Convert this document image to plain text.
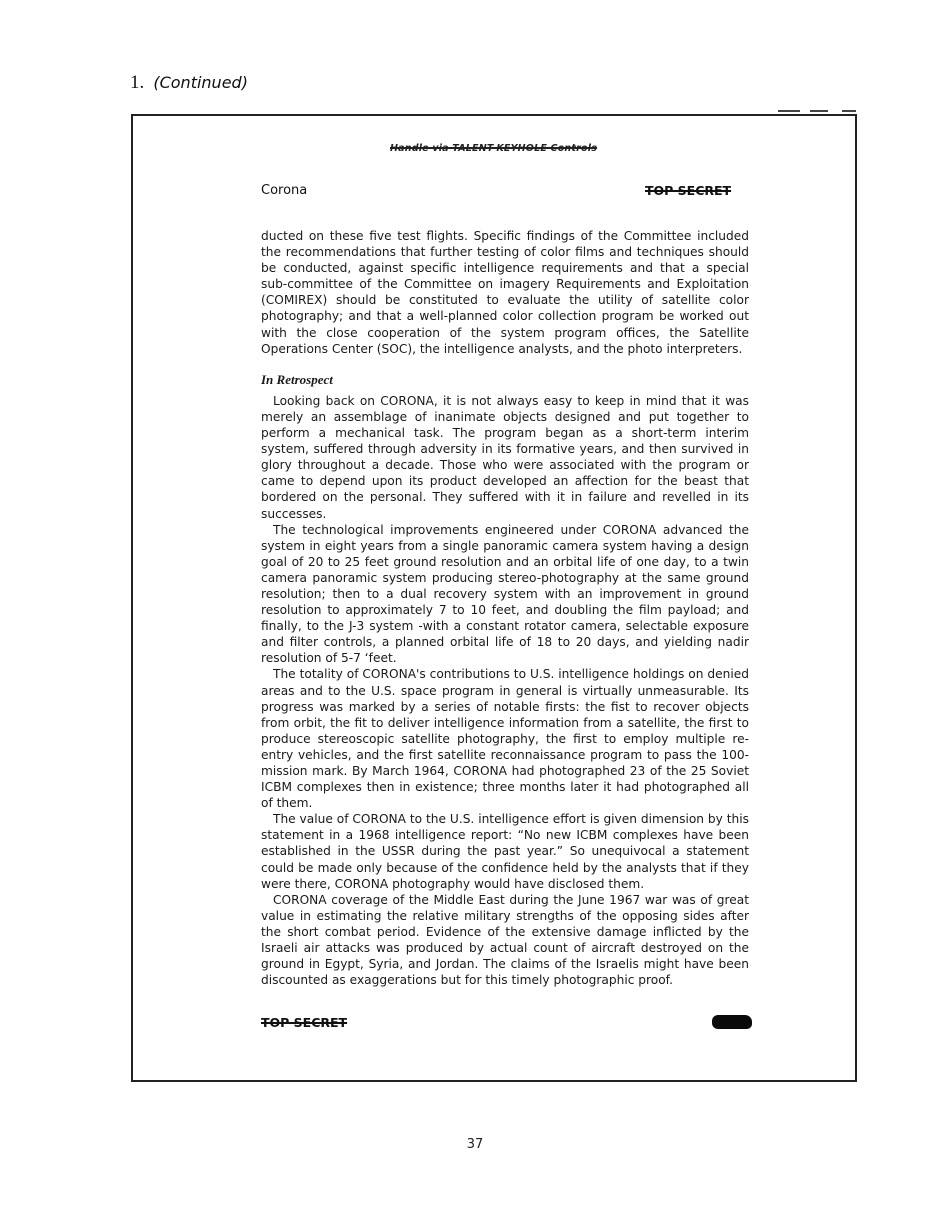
1. (Continued)
Handle via TALENT-KEYHOLE Controls
Corona	TOP SECRET

ducted on these five test flights. Specific findings of the Committee included the recommendations that further testing of color films and techniques should be conducted, against specific intelligence requirements and that a special sub-committee of the Committee on imagery Requirements and Exploitation (COMIREX) should be constituted to evaluate the utility of satellite color photography; and that a well-planned color collection program be worked out with the close cooperation of the system program offices, the Satellite Operations Center (SOC), the intelligence analysts, and the photo interpreters.

In Retrospect

Looking back on CORONA, it is not always easy to keep in mind that it was merely an assemblage of inanimate objects designed and put together to perform a mechanical task. The program began as a short-term interim system, suffered through adversity in its formative years, and then survived in glory throughout a decade. Those who were associated with the program or came to depend upon its product developed an affection for the beast that bordered on the personal. They suffered with it in failure and revelled in its successes.

The technological improvements engineered under CORONA advanced the system in eight years from a single panoramic camera system having a design goal of 20 to 25 feet ground resolution and an orbital life of one day, to a twin camera panoramic system producing stereo-photography at the same ground resolution; then to a dual recovery system with an improvement in ground resolution to approximately 7 to 10 feet, and doubling the film payload; and finally, to the J-3 system -with a constant rotator camera, selectable exposure and filter controls, a planned orbital life of 18 to 20 days, and yielding nadir resolution of 5-7 ‘feet.

The totality of CORONA's contributions to U.S. intelligence holdings on denied areas and to the U.S. space program in general is virtually unmeasurable. Its progress was marked by a series of notable firsts: the fist to recover objects from orbit, the fit to deliver intelligence information from a satellite, the first to produce stereoscopic satellite photography, the first to employ multiple re-entry vehicles, and the first satellite reconnaissance program to pass the 100-mission mark. By March 1964, CORONA had photographed 23 of the 25 Soviet ICBM complexes then in existence; three months later it had photographed all of them.

The value of CORONA to the U.S. intelligence effort is given dimension by this statement in a 1968 intelligence report: “No new ICBM complexes have been established in the USSR during the past year.” So unequivocal a statement could be made only because of the confidence held by the analysts that if they were there, CORONA photography would have disclosed them.

CORONA coverage of the Middle East during the June 1967 war was of great value in estimating the relative military strengths of the opposing sides after the short combat period. Evidence of the extensive damage inflicted by the Israeli air attacks was produced by actual count of aircraft destroyed on the ground in Egypt, Syria, and Jordan. The claims of the Israelis might have been discounted as exaggerations but for this timely photographic proof.

TOP SECRET
37
